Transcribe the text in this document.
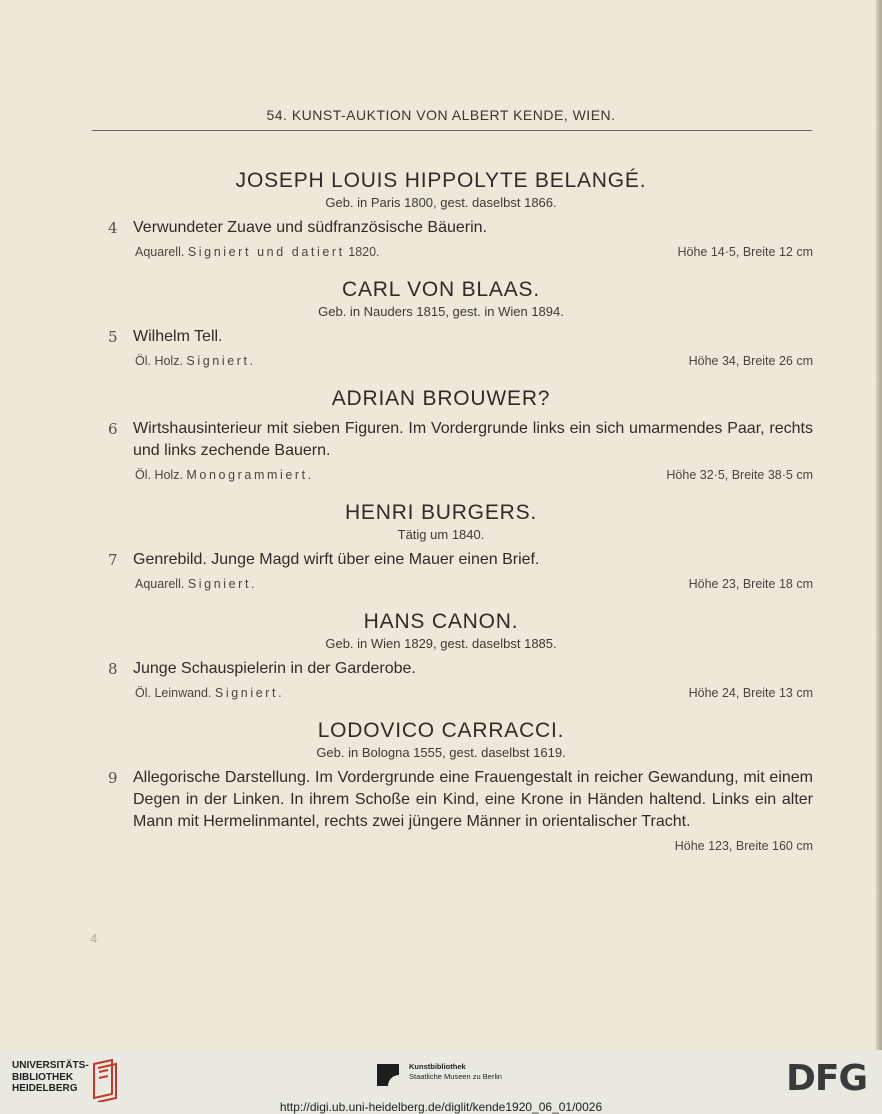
54. KUNST-AUKTION VON ALBERT KENDE, WIEN.
JOSEPH LOUIS HIPPOLYTE BELANGÉ.
Geb. in Paris 1800, gest. daselbst 1866.
4 Verwundeter Zuave und südfranzösische Bäuerin.
Aquarell. Signiert und datiert 1820.	Höhe 14·5, Breite 12 cm
CARL VON BLAAS.
Geb. in Nauders 1815, gest. in Wien 1894.
5 Wilhelm Tell.
Öl. Holz. Signiert.	Höhe 34, Breite 26 cm
ADRIAN BROUWER?
6 Wirtshausinterieur mit sieben Figuren. Im Vordergrunde links ein sich umarmendes Paar, rechts und links zechende Bauern.
Öl. Holz. Monogrammiert.	Höhe 32·5, Breite 38·5 cm
HENRI BURGERS.
Tätig um 1840.
7 Genrebild. Junge Magd wirft über eine Mauer einen Brief.
Aquarell. Signiert.	Höhe 23, Breite 18 cm
HANS CANON.
Geb. in Wien 1829, gest. daselbst 1885.
8 Junge Schauspielerin in der Garderobe.
Öl. Leinwand. Signiert.	Höhe 24, Breite 13 cm
LODOVICO CARRACCI.
Geb. in Bologna 1555, gest. daselbst 1619.
9 Allegorische Darstellung. Im Vordergrunde eine Frauengestalt in reicher Gewandung, mit einem Degen in der Linken. In ihrem Schoße ein Kind, eine Krone in Händen haltend. Links ein alter Mann mit Hermelinmantel, rechts zwei jüngere Männer in orientalischer Tracht.
Höhe 123, Breite 160 cm
4
UNIVERSITÄTS-
BIBLIOTHEK
HEIDELBERG
Kunstbibliothek
Staatliche Museen zu Berlin	DFG
http://digi.ub.uni-heidelberg.de/diglit/kende1920_06_01/0026
